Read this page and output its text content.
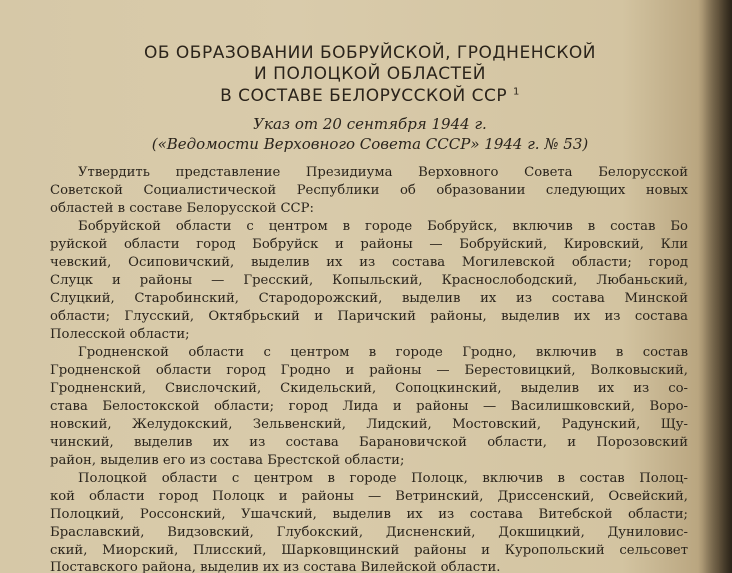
ОБ ОБРАЗОВАНИИ БОБРУЙСКОЙ, ГРОДНЕНСКОЙ
И ПОЛОЦКОЙ ОБЛАСТЕЙ
В СОСТАВЕ БЕЛОРУССКОЙ ССР $^1$
Указ от 20 сентября 1944 г.
(«Ведомости Верховного Совета СССР» 1944 г. № 53)
Утвердить представление Президиума Верховного Совета Белорусской
Советской Социалистической Республики об образовании следующих новых
областей в составе Белорусской ССР:
Бобруйской области с центром в городе Бобруйск, включив в состав Бо
руйской области город Бобруйск и районы — Бобруйский, Кировский, Кли
чевский, Осиповичский, выделив их из состава Могилевской области; город
Слуцк и районы — Гресский, Копыльский, Краснослободский, Любаньский,
Слуцкий, Старобинский, Стародорожский, выделив их из состава Минской
области; Глусский, Октябрьский и Паричский районы, выделив их из состава
Полесской области;
Гродненской области с центром в городе Гродно, включив в состав
Гродненской области город Гродно и районы — Берестовицкий, Волковыский,
Гродненский, Свислочский, Скидельский, Сопоцкинский, выделив их из со-
става Белостокской области; город Лида и районы — Василишковский, Воро-
новский, Желудокский, Зельвенский, Лидский, Мостовский, Радунский, Щу-
чинский, выделив их из состава Барановичской области, и Порозовский
район, выделив его из состава Брестской области;
Полоцкой области с центром в городе Полоцк, включив в состав Полоц-
кой области город Полоцк и районы — Ветринский, Дриссенский, Освейский,
Полоцкий, Россонский, Ушачский, выделив их из состава Витебской области;
Браславский, Видзовский, Глубокский, Дисненский, Докшицкий, Дуниловис-
ский, Миорский, Плисский, Шарковщинский районы и Куропольский сельсовет
Поставского района, выделив их из состава Вилейской области.
